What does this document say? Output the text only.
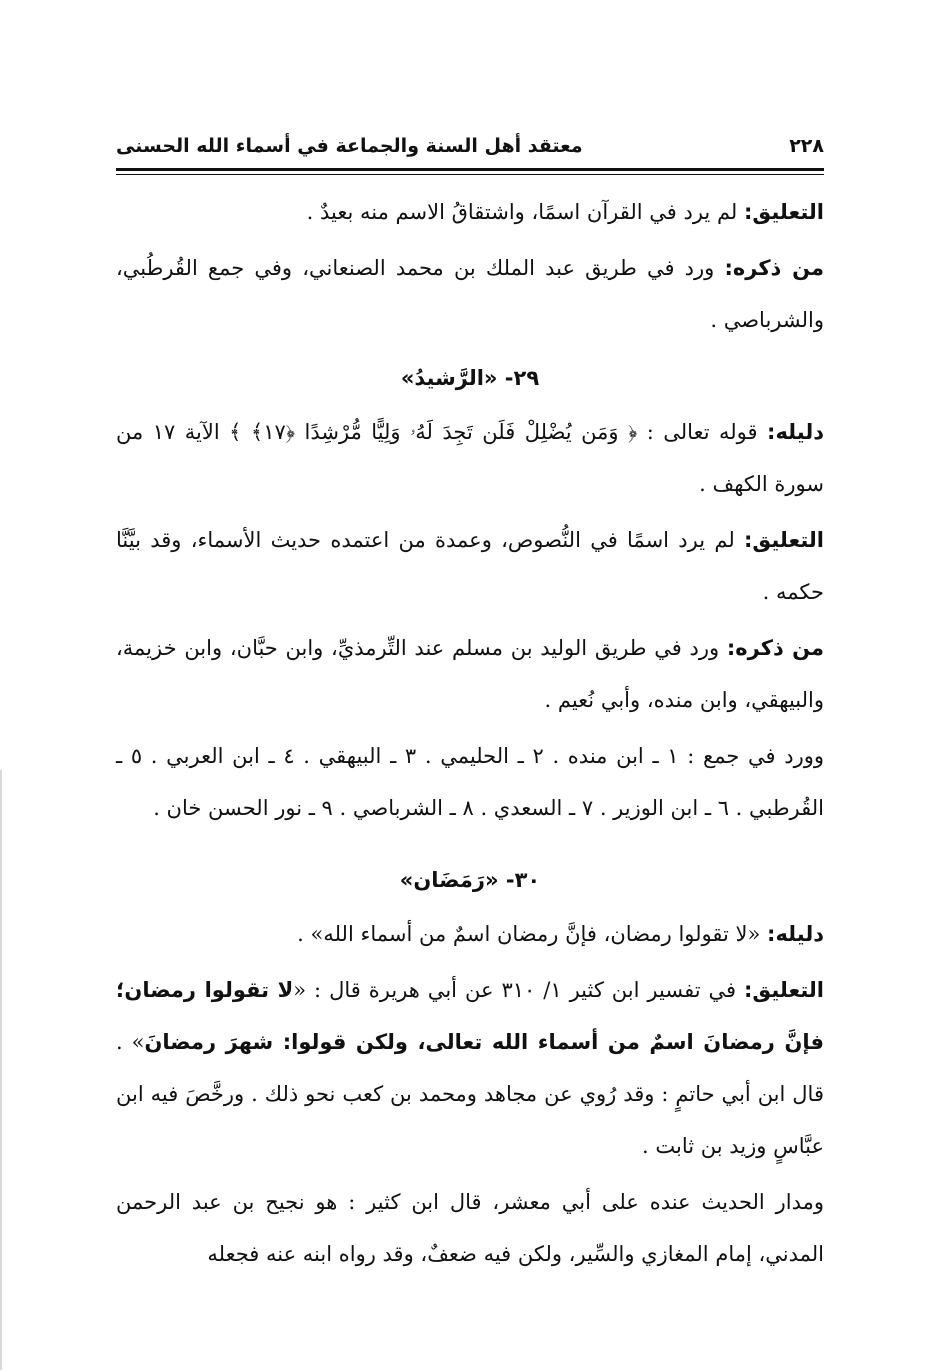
٢٢٨
معتقد أهل السنة والجماعة في أسماء الله الحسنى

التعليق: لم يرد في القرآن اسمًا، واشتقاقُ الاسم منه بعيدٌ .

من ذكره: ورد في طريق عبد الملك بن محمد الصنعاني، وفي جمع القُرطُبي، والشرباصي .

٢٩- «الرَّشيدُ»

دليله: قوله تعالى : ﴿ وَمَن يُضْلِلْ فَلَن تَجِدَ لَهُۥ وَلِيًّا مُّرْشِدًا ﴿١٧﴾ ﴾ الآية ١٧ من سورة الكهف .

التعليق: لم يرد اسمًا في النُّصوص، وعمدة من اعتمده حديث الأسماء، وقد بيَّنَّا حكمه .

من ذكره: ورد في طريق الوليد بن مسلم عند التِّرمذيِّ، وابن حبَّان، وابن خزيمة، والبيهقي، وابن منده، وأبي نُعيم .

وورد في جمع : ١ ـ ابن منده . ٢ ـ الحليمي . ٣ ـ البيهقي . ٤ ـ ابن العربي . ٥ ـ القُرطبي . ٦ ـ ابن الوزير . ٧ ـ السعدي . ٨ ـ الشرباصي . ٩ ـ نور الحسن خان .

٣٠- «رَمَضَان»

دليله: «لا تقولوا رمضان، فإنَّ رمضان اسمٌ من أسماء الله» .

التعليق: في تفسير ابن كثير ١/ ٣١٠ عن أبي هريرة قال : «لا تقولوا رمضان؛ فإنَّ رمضانَ اسمٌ من أسماء الله تعالى، ولكن قولوا: شهرَ رمضانَ» . قال ابن أبي حاتمٍ : وقد رُوي عن مجاهد ومحمد بن كعب نحو ذلك . ورخَّصَ فيه ابن عبَّاسٍ وزيد بن ثابت .

ومدار الحديث عنده على أبي معشر، قال ابن كثير : هو نجيح بن عبد الرحمن المدني، إمام المغازي والسِّير، ولكن فيه ضعفٌ، وقد رواه ابنه عنه فجعله
